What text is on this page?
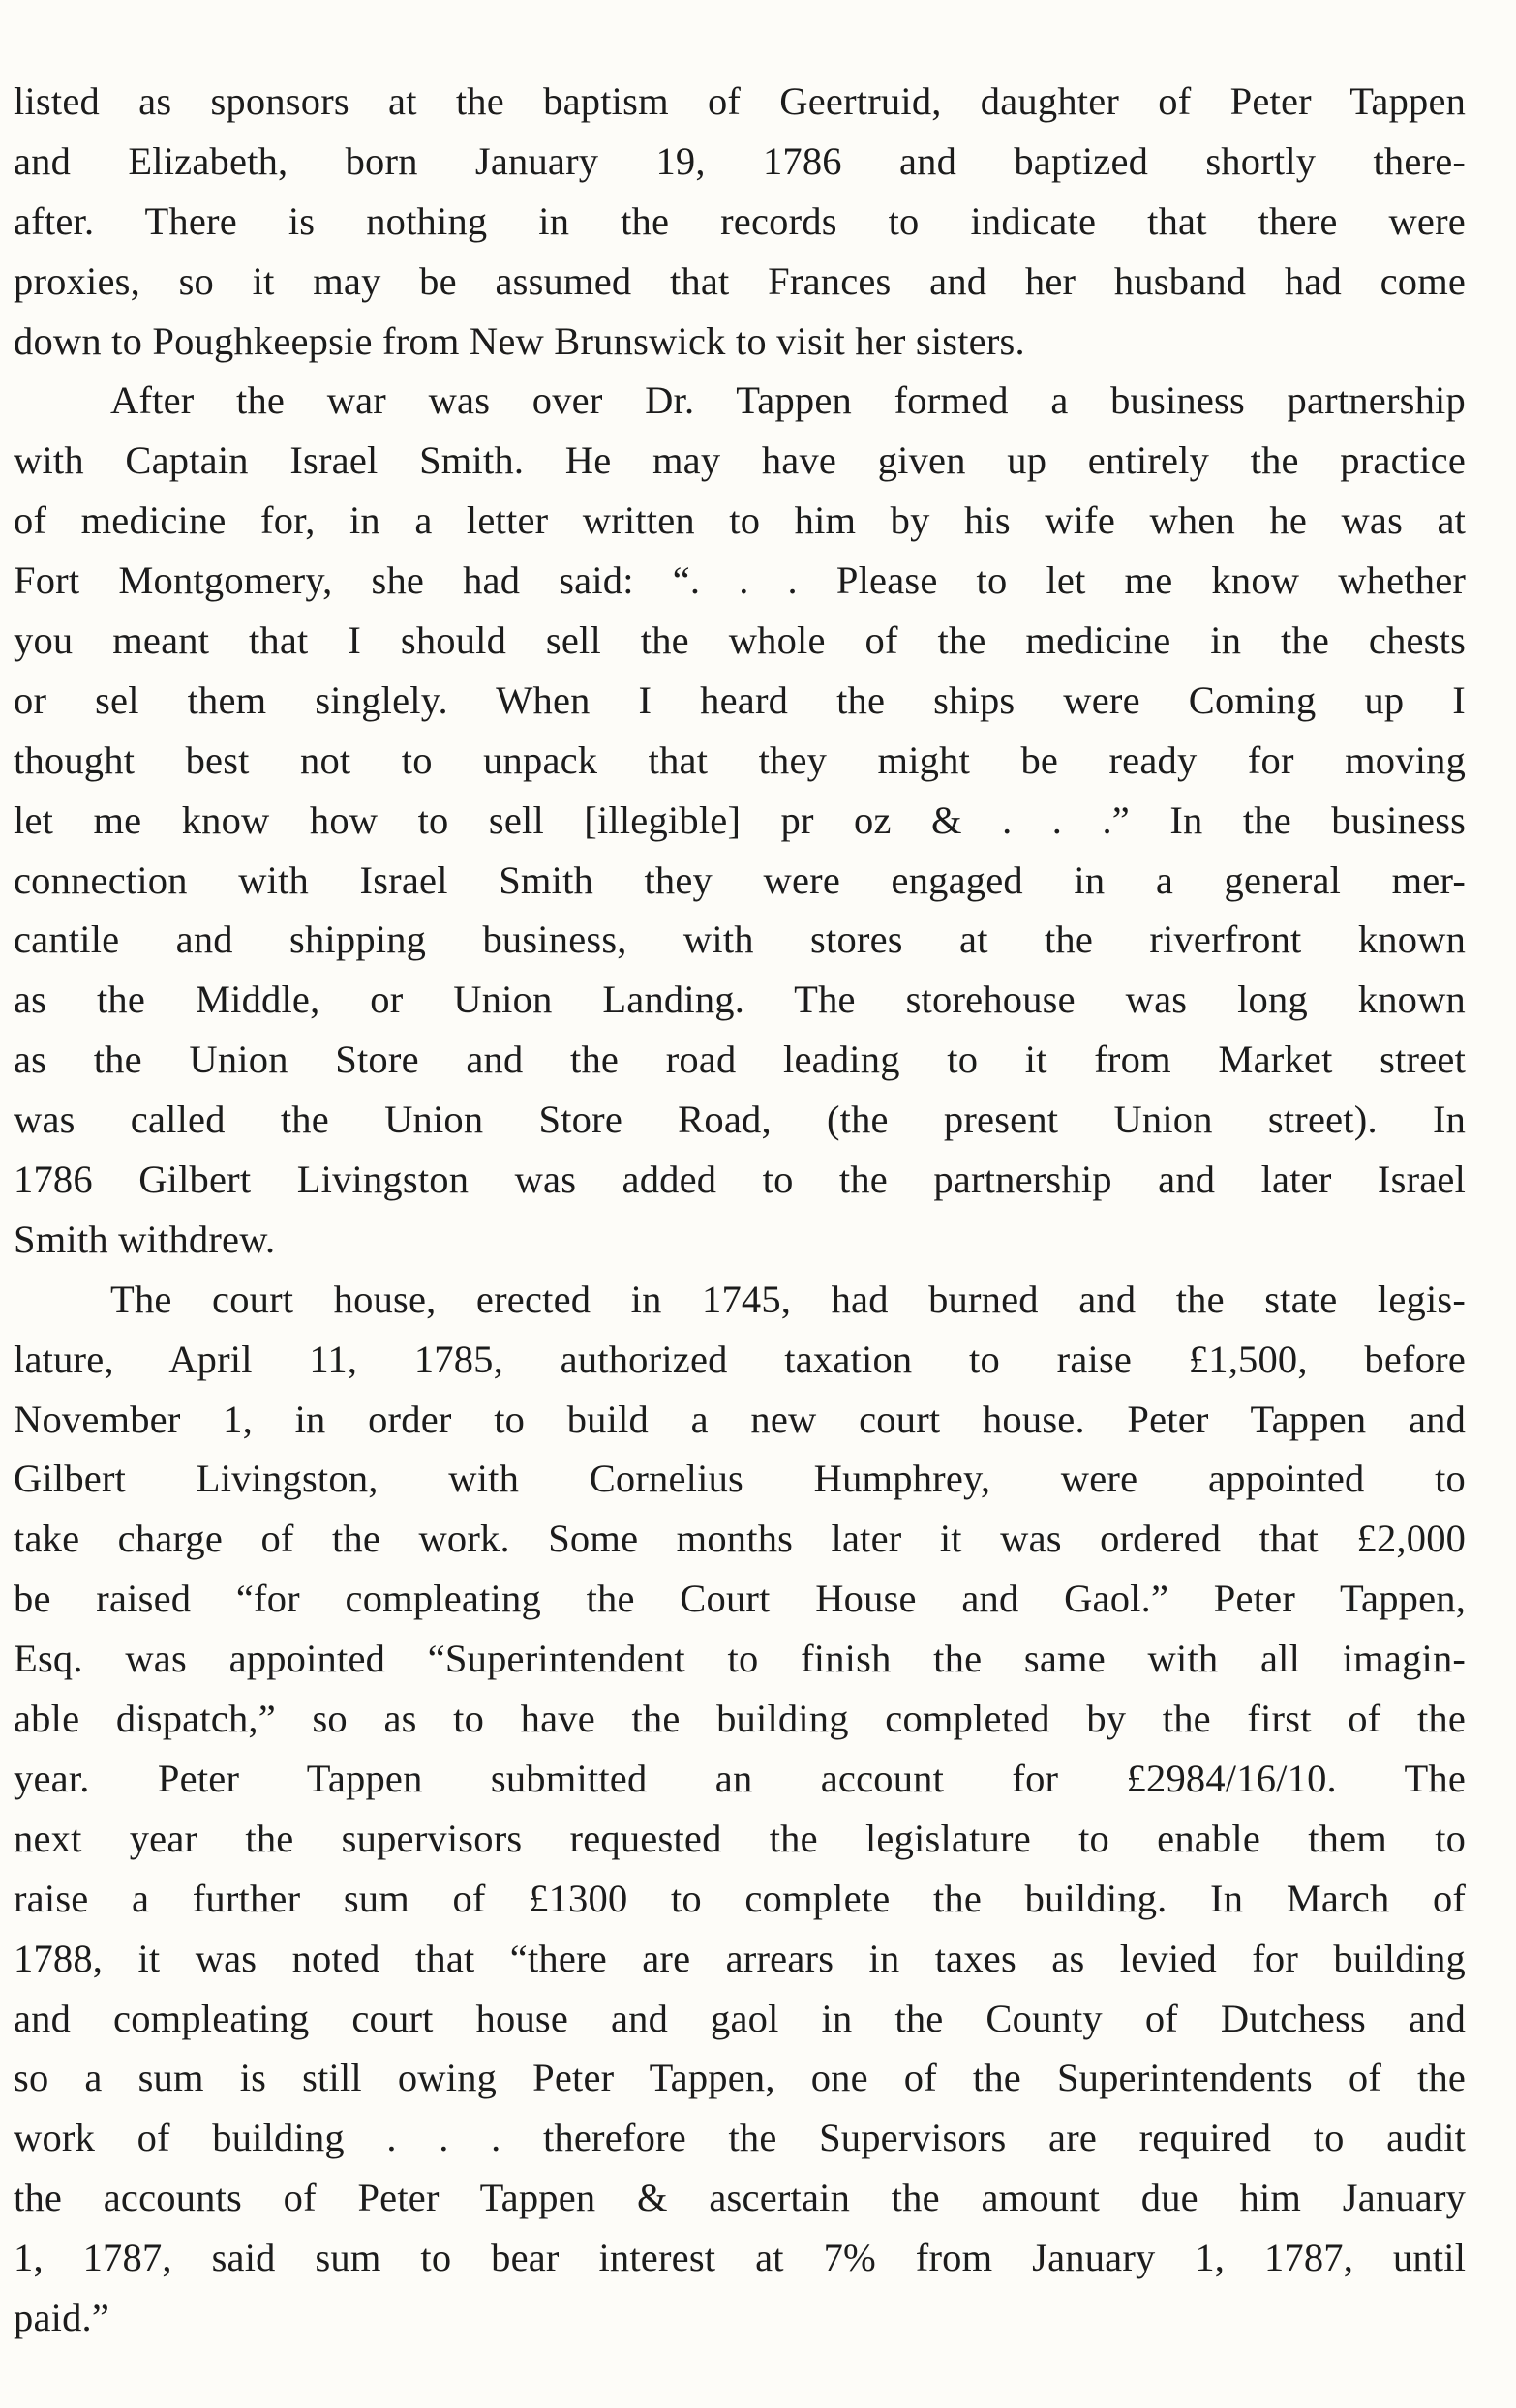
listed as sponsors at the baptism of Geertruid, daughter of Peter Tappen
and Elizabeth, born January 19, 1786 and baptized shortly there-
after. There is nothing in the records to indicate that there were
proxies, so it may be assumed that Frances and her husband had come
down to Poughkeepsie from New Brunswick to visit her sisters.
After the war was over Dr. Tappen formed a business partnership
with Captain Israel Smith. He may have given up entirely the practice
of medicine for, in a letter written to him by his wife when he was at
Fort Montgomery, she had said: “. . . Please to let me know whether
you meant that I should sell the whole of the medicine in the chests
or sel them singlely. When I heard the ships were Coming up I
thought best not to unpack that they might be ready for moving
let me know how to sell [illegible] pr oz & . . .” In the business
connection with Israel Smith they were engaged in a general mer-
cantile and shipping business, with stores at the riverfront known
as the Middle, or Union Landing. The storehouse was long known
as the Union Store and the road leading to it from Market street
was called the Union Store Road, (the present Union street). In
1786 Gilbert Livingston was added to the partnership and later Israel
Smith withdrew.
The court house, erected in 1745, had burned and the state legis-
lature, April 11, 1785, authorized taxation to raise £1,500, before
November 1, in order to build a new court house. Peter Tappen and
Gilbert Livingston, with Cornelius Humphrey, were appointed to
take charge of the work. Some months later it was ordered that £2,000
be raised “for compleating the Court House and Gaol.” Peter Tappen,
Esq. was appointed “Superintendent to finish the same with all imagin-
able dispatch,” so as to have the building completed by the first of the
year. Peter Tappen submitted an account for £2984/16/10. The
next year the supervisors requested the legislature to enable them to
raise a further sum of £1300 to complete the building. In March of
1788, it was noted that “there are arrears in taxes as levied for building
and compleating court house and gaol in the County of Dutchess and
so a sum is still owing Peter Tappen, one of the Superintendents of the
work of building . . . therefore the Supervisors are required to audit
the accounts of Peter Tappen & ascertain the amount due him January
1, 1787, said sum to bear interest at 7% from January 1, 1787, until
paid.”
